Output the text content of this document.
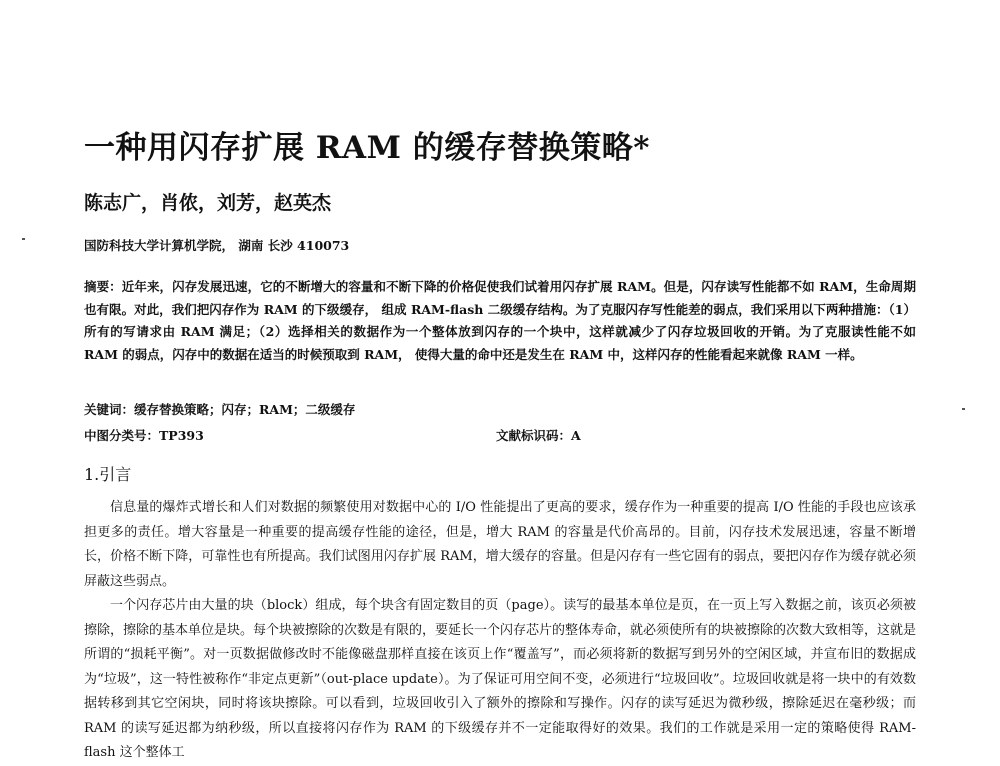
一种用闪存扩展 RAM 的缓存替换策略*
陈志广，肖侬，刘芳，赵英杰
国防科技大学计算机学院， 湖南 长沙 410073
摘要：近年来，闪存发展迅速，它的不断增大的容量和不断下降的价格促使我们试着用闪存扩展 RAM。但是，闪存读写性能都不如 RAM，生命周期也有限。对此，我们把闪存作为 RAM 的下级缓存， 组成 RAM-flash 二级缓存结构。为了克服闪存写性能差的弱点，我们采用以下两种措施：（1）所有的写请求由 RAM 满足；（2）选择相关的数据作为一个整体放到闪存的一个块中，这样就减少了闪存垃圾回收的开销。为了克服读性能不如 RAM 的弱点，闪存中的数据在适当的时候预取到 RAM， 使得大量的命中还是发生在 RAM 中，这样闪存的性能看起来就像 RAM 一样。
关键词：缓存替换策略；闪存；RAM；二级缓存
中图分类号：TP393	文献标识码：A
1.引言

信息量的爆炸式增长和人们对数据的频繁使用对数据中心的 I/O 性能提出了更高的要求，缓存作为一种重要的提高 I/O 性能的手段也应该承担更多的责任。增大容量是一种重要的提高缓存性能的途径，但是，增大 RAM 的容量是代价高昂的。目前，闪存技术发展迅速，容量不断增长，价格不断下降，可靠性也有所提高。我们试图用闪存扩展 RAM，增大缓存的容量。但是闪存有一些它固有的弱点，要把闪存作为缓存就必须屏蔽这些弱点。

一个闪存芯片由大量的块（block）组成，每个块含有固定数目的页（page）。读写的最基本单位是页，在一页上写入数据之前，该页必须被擦除，擦除的基本单位是块。每个块被擦除的次数是有限的，要延长一个闪存芯片的整体寿命，就必须使所有的块被擦除的次数大致相等，这就是所谓的“损耗平衡”。对一页数据做修改时不能像磁盘那样直接在该页上作“覆盖写”，而必须将新的数据写到另外的空闲区域，并宣布旧的数据成为“垃圾”，这一特性被称作“非定点更新”（out-place update）。为了保证可用空间不变，必须进行“垃圾回收”。垃圾回收就是将一块中的有效数据转移到其它空闲块，同时将该块擦除。可以看到，垃圾回收引入了额外的擦除和写操作。闪存的读写延迟为微秒级，擦除延迟在毫秒级；而 RAM 的读写延迟都为纳秒级，所以直接将闪存作为 RAM 的下级缓存并不一定能取得好的效果。我们的工作就是采用一定的策略使得 RAM-flash 这个整体工
